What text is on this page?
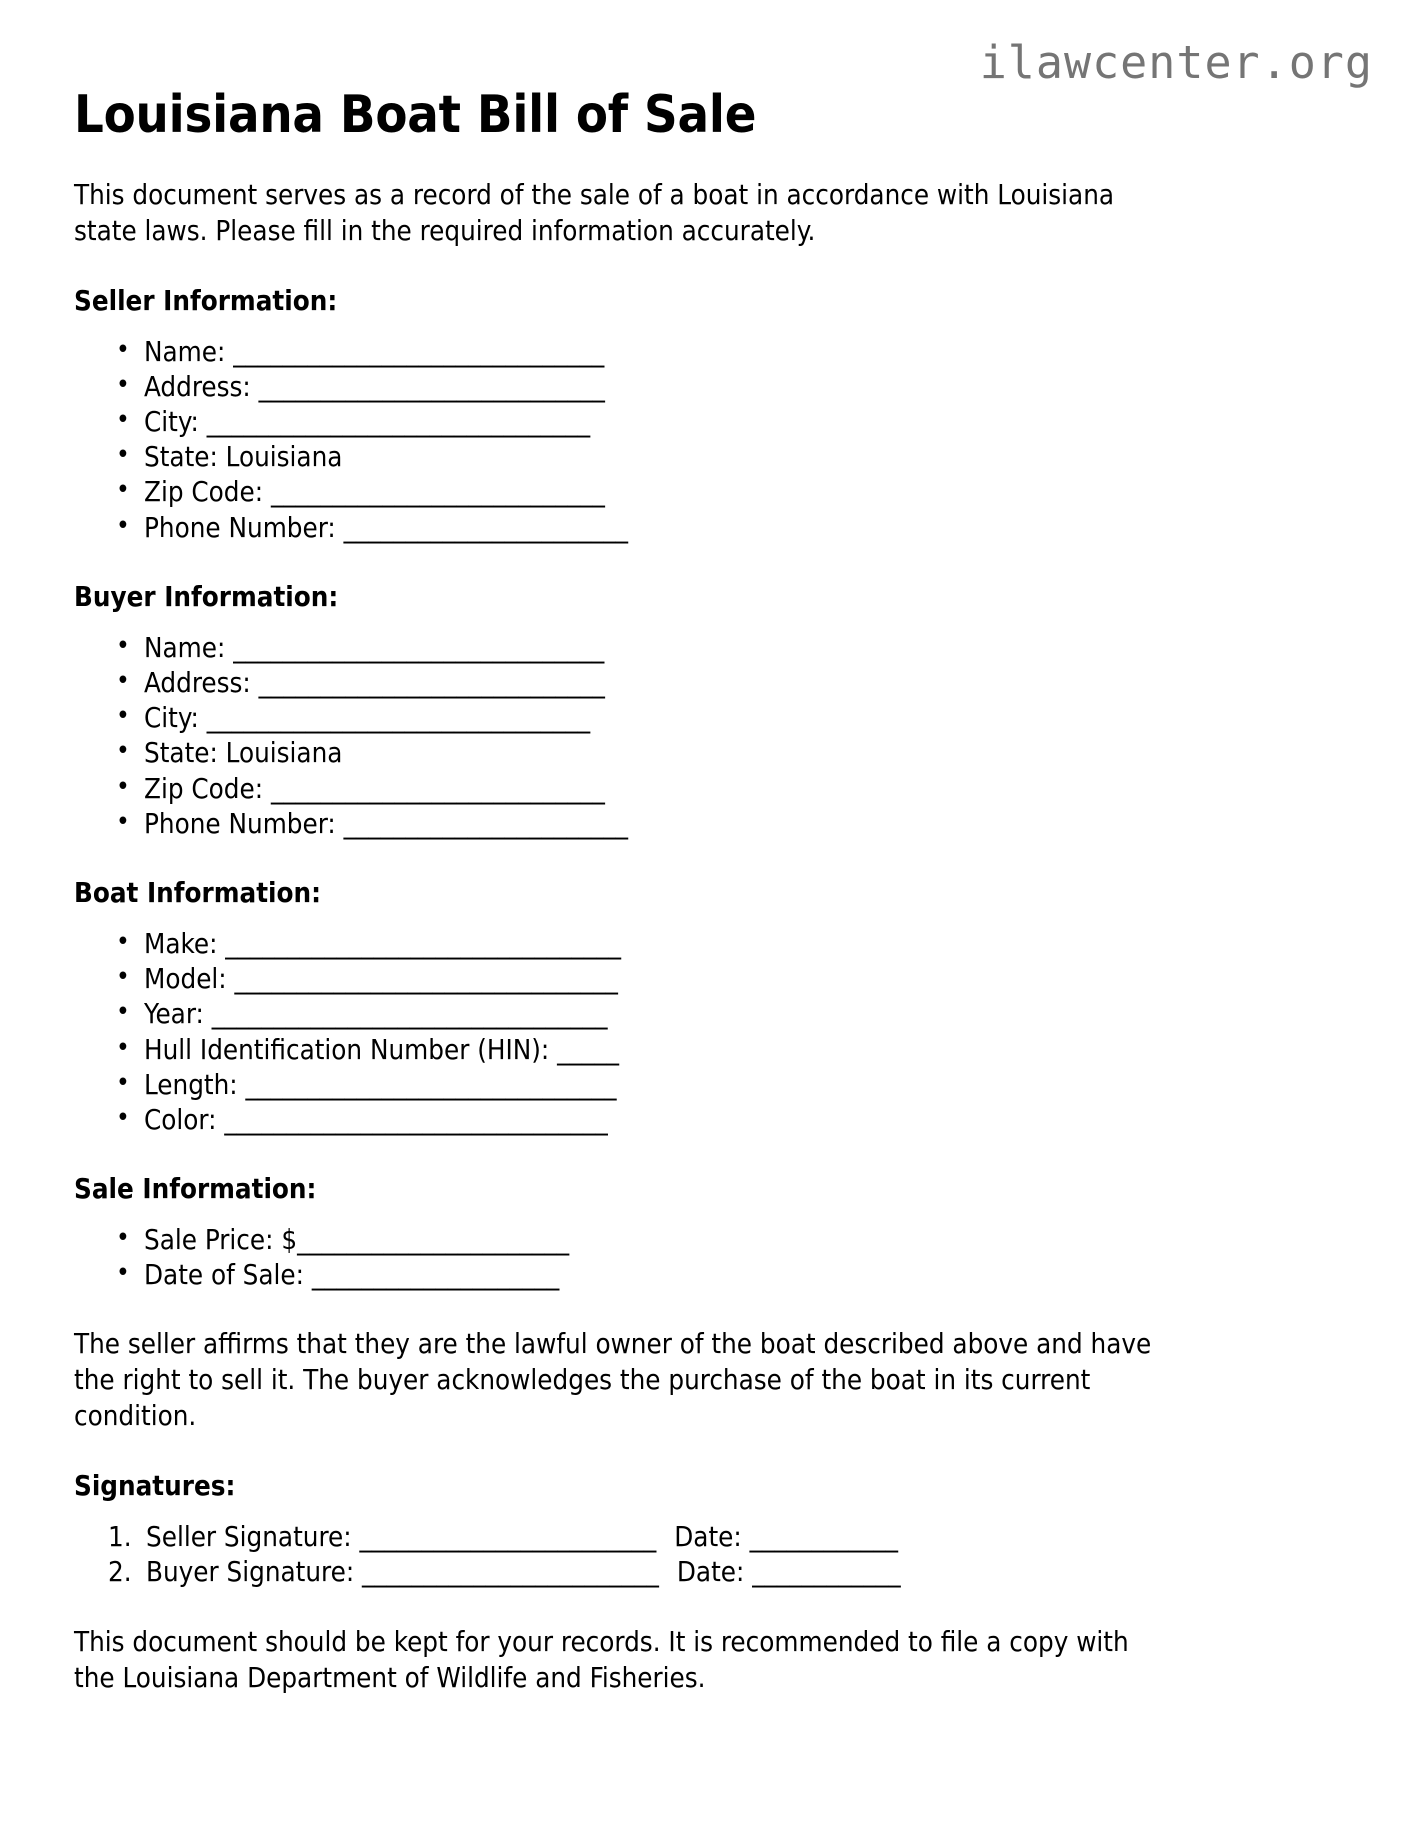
ilawcenter.org
Louisiana Boat Bill of Sale

This document serves as a record of the sale of a boat in accordance with Louisiana state laws. Please fill in the required information accurately.

Seller Information:
• Name: ______________________________
• Address: ____________________________
• City: _______________________________
• State: Louisiana
• Zip Code: ___________________________
• Phone Number: _______________________
Buyer Information:
• Name: ______________________________
• Address: ____________________________
• City: _______________________________
• State: Louisiana
• Zip Code: ___________________________
• Phone Number: _______________________
Boat Information:
• Make: ________________________________
• Model: _______________________________
• Year: ________________________________
• Hull Identification Number (HIN): _____
• Length: ______________________________
• Color: _______________________________
Sale Information:
• Sale Price: $______________________
• Date of Sale: ____________________

The seller affirms that they are the lawful owner of the boat described above and have the right to sell it. The buyer acknowledges the purchase of the boat in its current condition.

Signatures:
Seller Signature: ________________________ Date: ____________
Buyer Signature: ________________________ Date: ____________

This document should be kept for your records. It is recommended to file a copy with the Louisiana Department of Wildlife and Fisheries.
